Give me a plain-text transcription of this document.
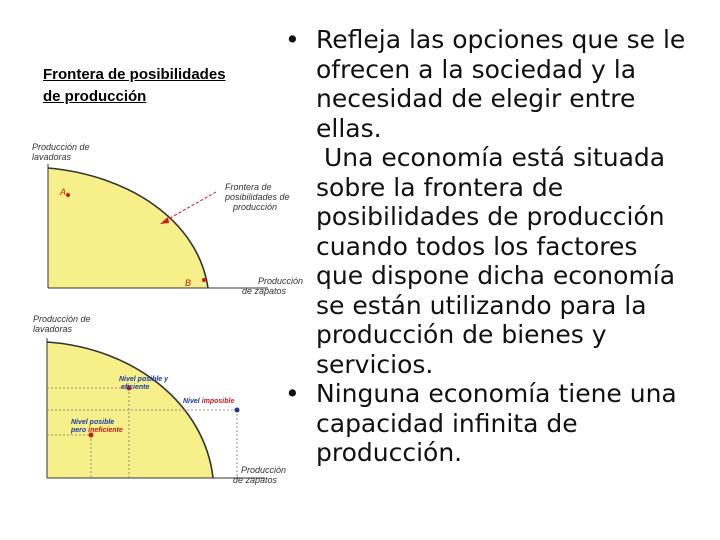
Frontera de posibilidades
de producción
Producción de
lavadoras
A
B
Frontera de
posibilidades de
producción
Producción
de zapatos
Producción de
lavadoras
Nivel posible y
eficiente
Nivel imposible
Nivel posible
pero ineficiente
Producción
de zapatos
• Refleja las opciones que se le
ofrecen a la sociedad y la
necesidad de elegir entre
ellas.
Una economía está situada
sobre la frontera de
posibilidades de producción
cuando todos los factores
que dispone dicha economía
se están utilizando para la
producción de bienes y
servicios.
• Ninguna economía tiene una
capacidad infinita de
producción.
